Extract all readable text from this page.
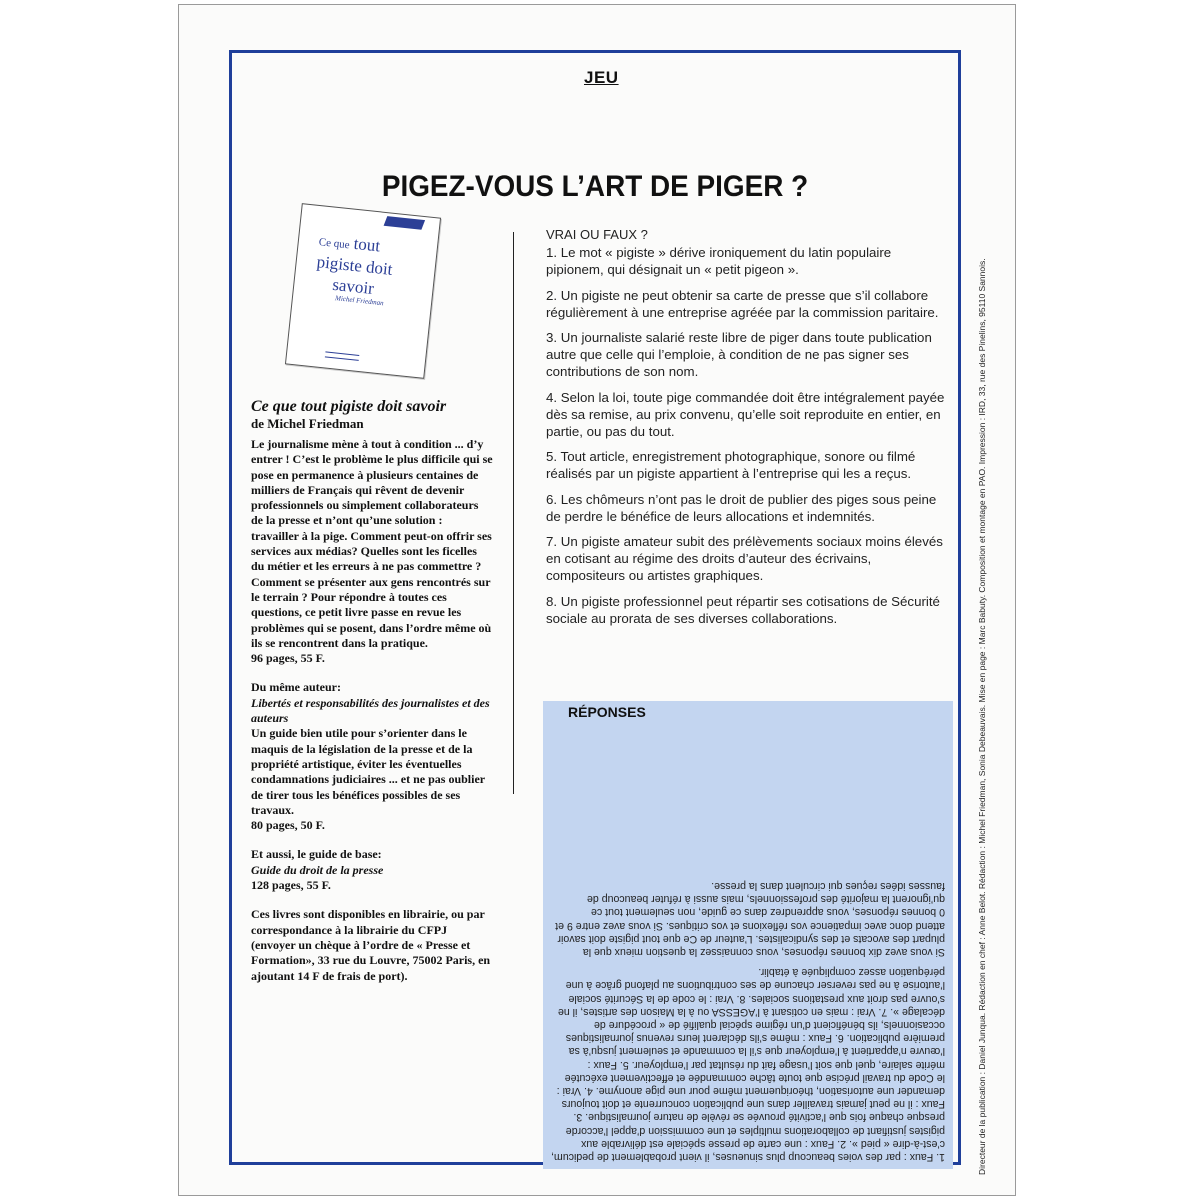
JEU
PIGEZ-VOUS L’ART DE PIGER ?
Ce que tout
pigiste doit
savoir
Michel Friedman
Ce que tout pigiste doit savoir
de Michel Friedman

Le journalisme mène à tout à condition ... d’y entrer ! C’est le problème le plus difficile qui se pose en permanence à plusieurs centaines de milliers de Français qui rêvent de devenir professionnels ou simplement collaborateurs de la presse et n’ont qu’une solution : travailler à la pige. Comment peut-on offrir ses services aux médias? Quelles sont les ficelles du métier et les erreurs à ne pas commettre ? Comment se présenter aux gens rencontrés sur le terrain ? Pour répondre à toutes ces questions, ce petit livre passe en revue les problèmes qui se posent, dans l’ordre même où ils se rencontrent dans la pratique.

96 pages, 55 F.

Du même auteur:

Libertés et responsabilités des journalistes et des auteurs

Un guide bien utile pour s’orienter dans le maquis de la législation de la presse et de la propriété artistique, éviter les éventuelles condamnations judiciaires ... et ne pas oublier de tirer tous les bénéfices possibles de ses travaux.

80 pages, 50 F.

Et aussi, le guide de base:

Guide du droit de la presse

128 pages, 55 F.

Ces livres sont disponibles en librairie, ou par correspondance à la librairie du CFPJ (envoyer un chèque à l’ordre de « Presse et Formation», 33 rue du Louvre, 75002 Paris, en ajoutant 14 F de frais de port).

VRAI OU FAUX ?

1. Le mot « pigiste » dérive ironiquement du latin populaire pipionem, qui désignait un « petit pigeon ».

2. Un pigiste ne peut obtenir sa carte de presse que s’il collabore régulièrement à une entreprise agréée par la commission paritaire.

3. Un journaliste salarié reste libre de piger dans toute publication autre que celle qui l’emploie, à condition de ne pas signer ses contributions de son nom.

4. Selon la loi, toute pige commandée doit être intégralement payée dès sa remise, au prix convenu, qu’elle soit reproduite en entier, en partie, ou pas du tout.

5. Tout article, enregistrement photographique, sonore ou filmé réalisés par un pigiste appartient à l’entreprise qui les a reçus.

6. Les chômeurs n’ont pas le droit de publier des piges sous peine de perdre le bénéfice de leurs allocations et indemnités.

7. Un pigiste amateur subit des prélèvements sociaux moins élevés en cotisant au régime des droits d’auteur des écrivains, compositeurs ou artistes graphiques.

8. Un pigiste professionnel peut répartir ses cotisations de Sécurité sociale au prorata de ses diverses collaborations.

RÉPONSES

1. Faux : par des voies beaucoup plus sinueuses, il vient probablement de pedicum, c’est-à-dire « pied ». 2. Faux : une carte de presse spéciale est délivrable aux pigistes justifiant de collaborations multiples et une commission d’appel l’accorde presque chaque fois que l’activité prouvée se révèle de nature journalistique. 3. Faux : il ne peut jamais travailler dans une publication concurrente et doit toujours demander une autorisation, théoriquement même pour une pige anonyme. 4. Vrai : le Code du travail précise que toute tâche commandée et effectivement exécutée mérite salaire, quel que soit l’usage fait du résultat par l’employeur. 5. Faux : l’œuvre n’appartient à l’employeur que s’il la commande et seulement jusqu’à sa première publication. 6. Faux : même s’ils déclarent leurs revenus journalistiques occasionnels, ils bénéficient d’un régime spécial qualifié de « procédure de décalage ». 7. Vrai : mais en cotisant à l’AGESSA ou à la Maison des artistes, il ne s’ouvre pas droit aux prestations sociales. 8. Vrai : le code de la Sécurité sociale l’autorise à ne pas reverser chacune de ses contributions au plafond grâce à une péréquation assez compliquée à établir.

Si vous avez dix bonnes réponses, vous connaissez la question mieux que la plupart des avocats et des syndicalistes. L’auteur de Ce que tout pigiste doit savoir attend donc avec impatience vos réflexions et vos critiques. Si vous avez entre 9 et 0 bonnes réponses, vous apprendrez dans ce guide, non seulement tout ce qu’ignorent la majorité des professionnels, mais aussi à réfuter beaucoup de fausses idées reçues qui circulent dans la presse.	Directeur de la publication : Daniel Junqua. Rédaction en chef : Anne Belot. Rédaction : Michel Friedman, Sonia Debeauvais. Mise en page : Marc Babuty. Composition et montage en PAO. Impression : IRD, 33, rue des Pinelins, 95110 Sannois.
